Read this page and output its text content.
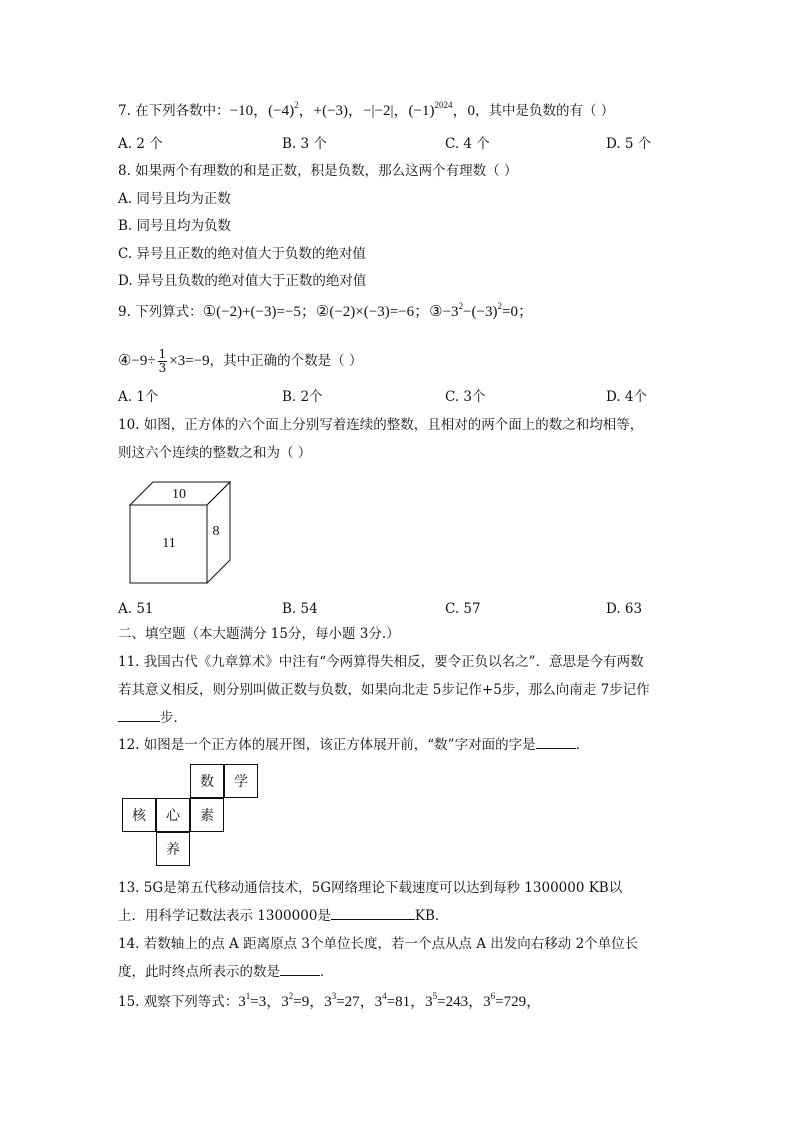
7. 在下列各数中：−10，$(-4)^2$，+(−3)，−|−2|，$(-1)^{2024}$，0，其中是负数的有（ ）
A. 2 个	B. 3 个	C. 4 个	D. 5 个
8. 如果两个有理数的和是正数，积是负数，那么这两个有理数（ ）
A. 同号且均为正数
B. 同号且均为负数
C. 异号且正数的绝对值大于负数的绝对值
D. 异号且负数的绝对值大于正数的绝对值
9. 下列算式：①(−2)+(−3)=−5；②(−2)×(−3)=−6；$③-3^2-(-3)^2=0$；
④−9÷ $\frac{1}{3} \times 3=-9$，其中正确的个数是（ ）
A. 1个	B. 2个	C. 3个	D. 4个
10. 如图，正方体的六个面上分别写着连续的整数，且相对的两个面上的数之和均相等，
则这六个连续的整数之和为（ ）
10
11
8
A. 51	B. 54	C. 57	D. 63
二、填空题（本大题满分 15分，每小题 3分.）
11. 我国古代《九章算术》中注有“今两算得失相反，要令正负以名之”．意思是今有两数
若其意义相反，则分别叫做正数与负数，如果向北走 5步记作+5步，那么向南走 7步记作
步．
12. 如图是一个正方体的展开图，该正方体展开前，“数”字对面的字是	．
数	学
核	心	素
养
13. 5G是第五代移动通信技术，5G网络理论下载速度可以达到每秒 1300000 KB以
上．用科学记数法表示 1300000是	KB．
14. 若数轴上的点 A 距离原点 3个单位长度，若一个点从点 A 出发向右移动 2个单位长
度，此时终点所表示的数是	．
15. 观察下列等式：$3^1=3$，$3^2=9$，$3^3=27$，$3^4=81$，$3^5=243$，$3^6=729$，
